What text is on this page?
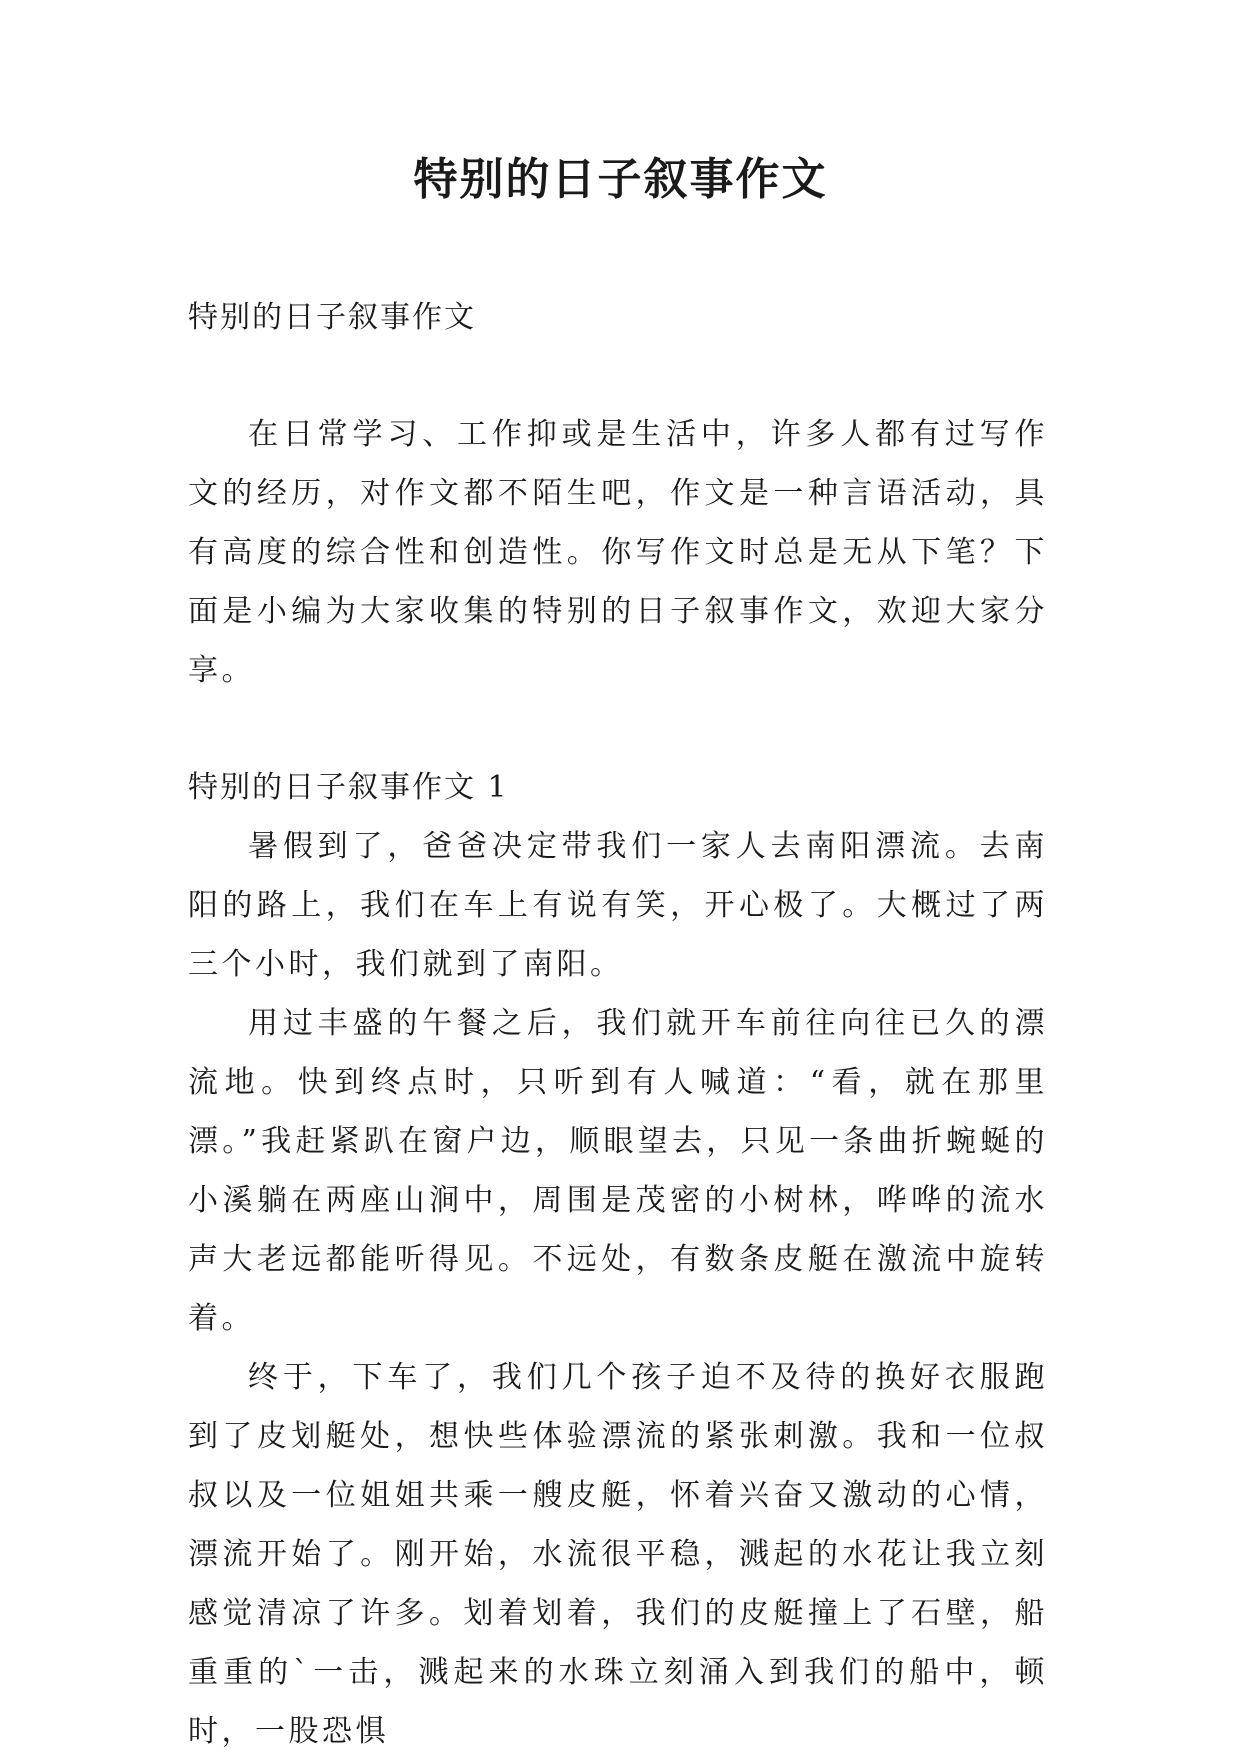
特别的日子叙事作文

特别的日子叙事作文

在日常学习、工作抑或是生活中，许多人都有过写作文的经历，对作文都不陌生吧，作文是一种言语活动，具有高度的综合性和创造性。你写作文时总是无从下笔？下面是小编为大家收集的特别的日子叙事作文，欢迎大家分享。

特别的日子叙事作文 1

暑假到了，爸爸决定带我们一家人去南阳漂流。去南阳的路上，我们在车上有说有笑，开心极了。大概过了两三个小时，我们就到了南阳。

用过丰盛的午餐之后，我们就开车前往向往已久的漂流地。快到终点时，只听到有人喊道：“看，就在那里漂。”我赶紧趴在窗户边，顺眼望去，只见一条曲折蜿蜒的小溪躺在两座山涧中，周围是茂密的小树林，哗哗的流水声大老远都能听得见。不远处，有数条皮艇在激流中旋转着。

终于，下车了，我们几个孩子迫不及待的换好衣服跑到了皮划艇处，想快些体验漂流的紧张刺激。我和一位叔叔以及一位姐姐共乘一艘皮艇，怀着兴奋又激动的心情，漂流开始了。刚开始，水流很平稳，溅起的水花让我立刻感觉清凉了许多。划着划着，我们的皮艇撞上了石壁，船重重的`一击，溅起来的水珠立刻涌入到我们的船中，顿时，一股恐惧
